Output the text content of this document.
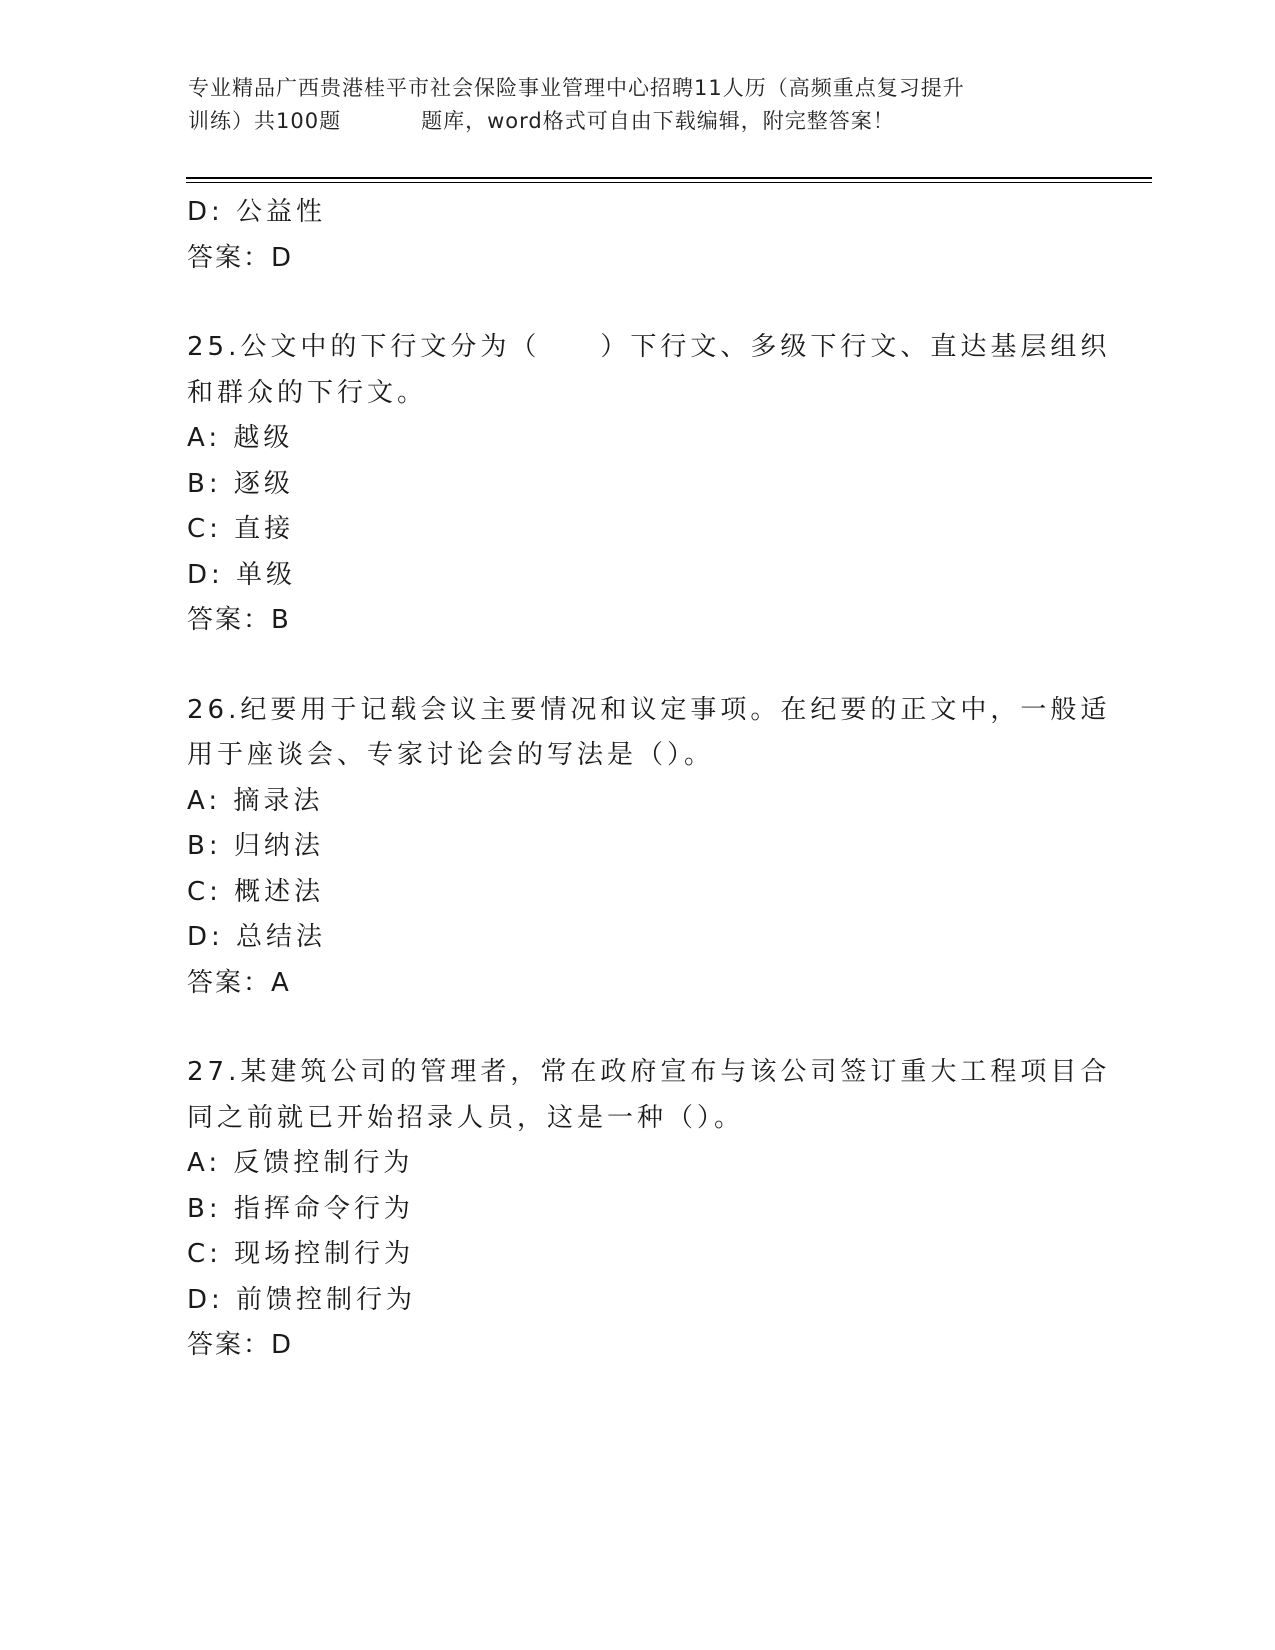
专业精品广西贵港桂平市社会保险事业管理中心招聘11人历（高频重点复习提升
训练）共100题	题库，word格式可自由下载编辑，附完整答案！
D: 公益性
答案：D
25.公文中的下行文分为（　　）下行文、多级下行文、直达基层组织
和群众的下行文。
A: 越级
B: 逐级
C: 直接
D: 单级
答案：B
26.纪要用于记载会议主要情况和议定事项。在纪要的正文中，一般适
用于座谈会、专家讨论会的写法是（）。
A: 摘录法
B: 归纳法
C: 概述法
D: 总结法
答案：A
27.某建筑公司的管理者，常在政府宣布与该公司签订重大工程项目合
同之前就已开始招录人员，这是一种（）。
A: 反馈控制行为
B: 指挥命令行为
C: 现场控制行为
D: 前馈控制行为
答案：D
